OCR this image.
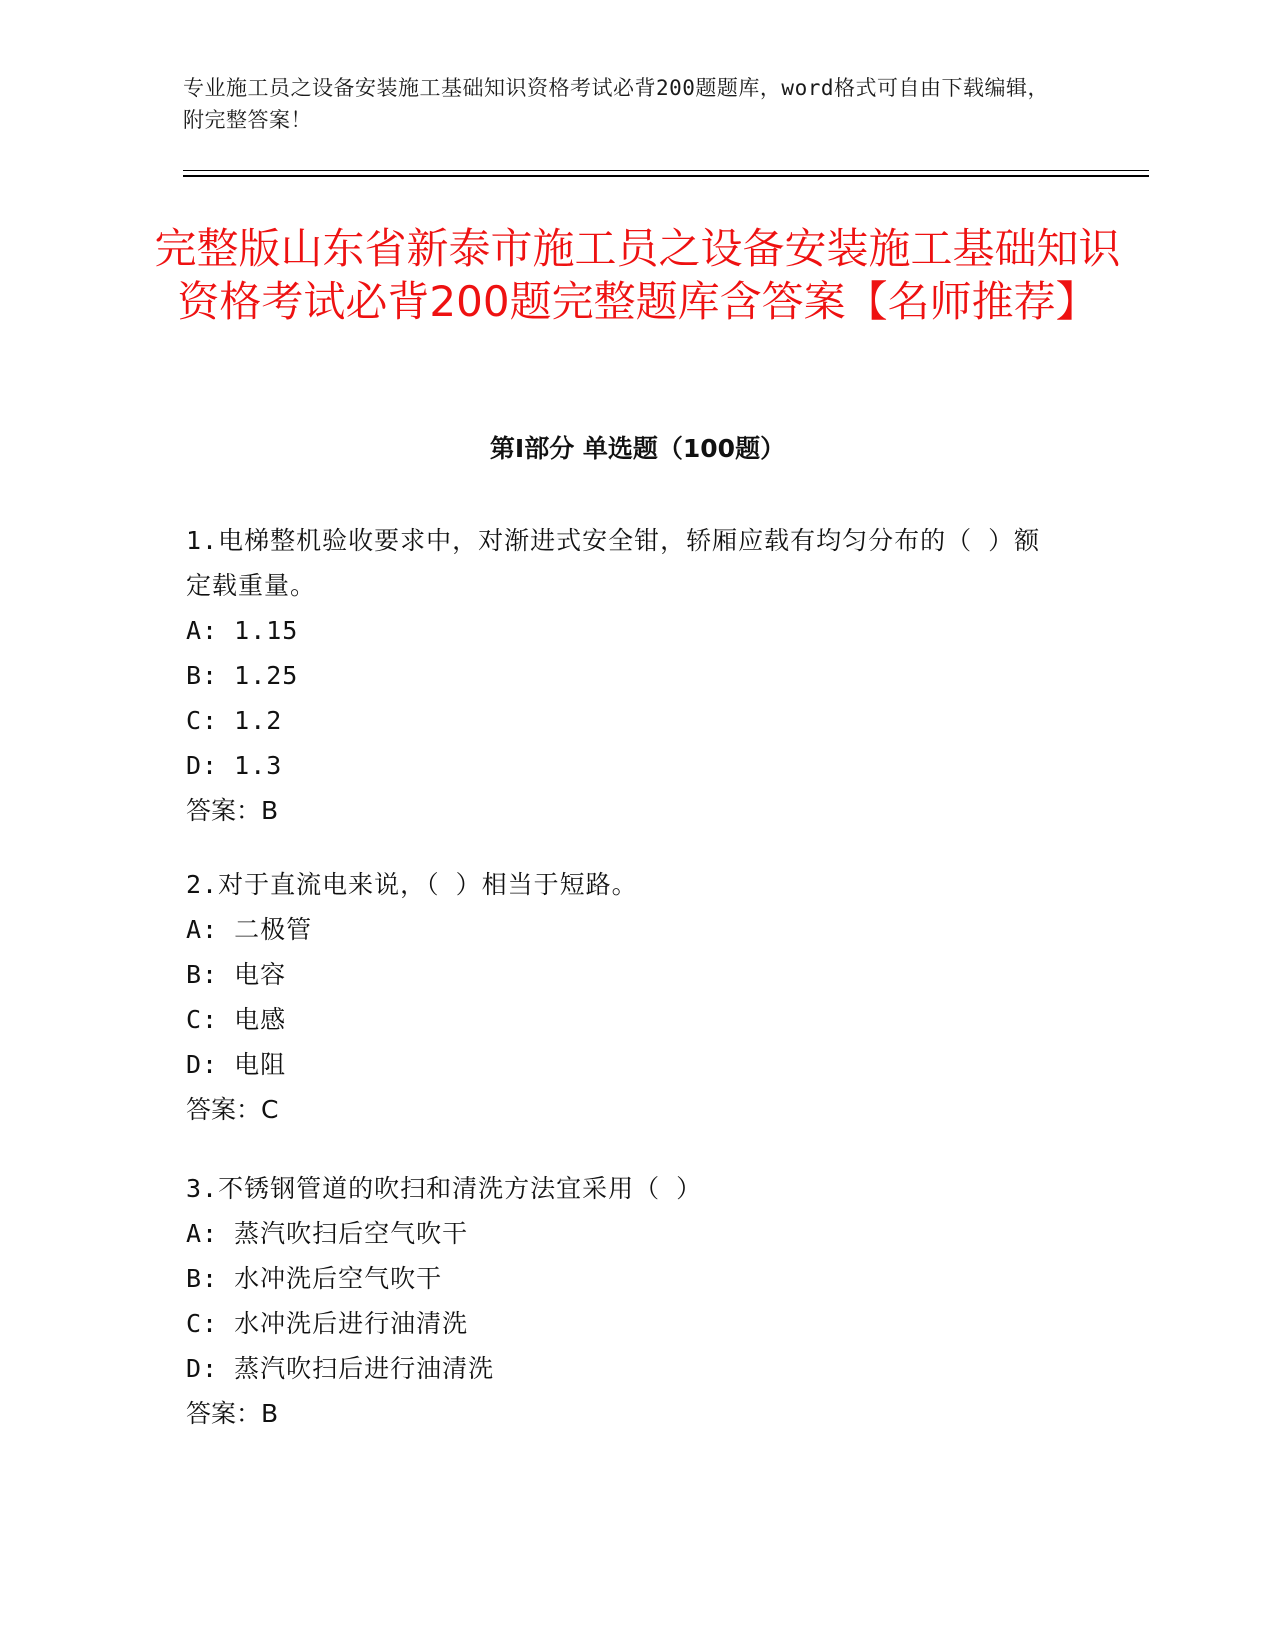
专业施工员之设备安装施工基础知识资格考试必背200题题库，word格式可自由下载编辑，附完整答案！
完整版山东省新泰市施工员之设备安装施工基础知识资格考试必背200题完整题库含答案【名师推荐】
第I部分 单选题（100题）
1.电梯整机验收要求中，对渐进式安全钳，轿厢应载有均匀分布的（ ）额定载重量。
A: 1.15
B: 1.25
C: 1.2
D: 1.3
答案：B
2.对于直流电来说，（ ）相当于短路。
A: 二极管
B: 电容
C: 电感
D: 电阻
答案：C
3.不锈钢管道的吹扫和清洗方法宜采用（ ）
A: 蒸汽吹扫后空气吹干
B: 水冲洗后空气吹干
C: 水冲洗后进行油清洗
D: 蒸汽吹扫后进行油清洗
答案：B
